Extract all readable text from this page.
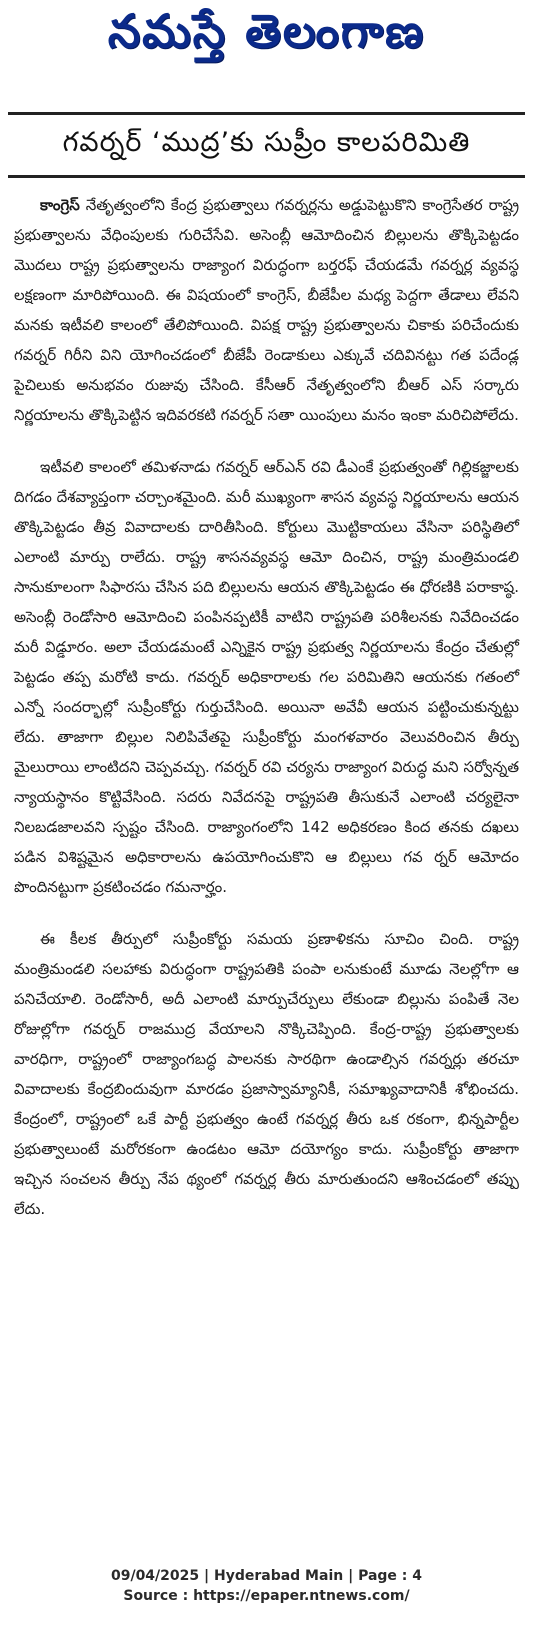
నమస్తే తెలంగాణ
గవర్నర్ ‘ముద్ర’కు సుప్రీం కాలపరిమితి

కాంగ్రెస్ నేతృత్వంలోని కేంద్ర ప్రభుత్వాలు గవర్నర్లను అడ్డుపెట్టుకొని కాంగ్రెసేతర రాష్ట్ర ప్రభుత్వాలను వేధింపులకు గురిచేసేవి. అసెంబ్లీ ఆమోదించిన బిల్లులను తొక్కిపెట్టడం మొదలు రాష్ట్ర ప్రభుత్వాలను రాజ్యాంగ విరుద్ధంగా బర్తరఫ్ చేయడమే గవర్నర్ల వ్యవస్థ లక్షణంగా మారిపోయింది. ఈ విషయంలో కాంగ్రెస్, బీజేపీల మధ్య పెద్దగా తేడాలు లేవని మనకు ఇటీవలి కాలంలో తేలిపోయింది. విపక్ష రాష్ట్ర ప్రభుత్వాలను చికాకు పరిచేందుకు గవర్నర్ గిరీని విని యోగించడంలో బీజేపీ రెండాకులు ఎక్కువే చదివినట్టు గత పదేండ్ల పైచిలుకు అనుభవం రుజువు చేసింది. కేసీఆర్ నేతృత్వంలోని బీఆర్ ఎస్ సర్కారు నిర్ణయాలను తొక్కిపెట్టిన ఇదివరకటి గవర్నర్ సతా యింపులు మనం ఇంకా మరిచిపోలేదు.

ఇటీవలి కాలంలో తమిళనాడు గవర్నర్ ఆర్ఎన్ రవి డీఎంకే ప్రభుత్వంతో గిల్లికజ్జాలకు దిగడం దేశవ్యాప్తంగా చర్చాంశమైంది. మరీ ముఖ్యంగా శాసన వ్యవస్థ నిర్ణయాలను ఆయన తొక్కిపెట్టడం తీవ్ర వివాదాలకు దారితీసింది. కోర్టులు మొట్టికాయలు వేసినా పరిస్థితిలో ఎలాంటి మార్పు రాలేదు. రాష్ట్ర శాసనవ్యవస్థ ఆమో దించిన, రాష్ట్ర మంత్రిమండలి సానుకూలంగా సిఫారసు చేసిన పది బిల్లులను ఆయన తొక్కిపెట్టడం ఈ ధోరణికి పరాకాష్ఠ. అసెంబ్లీ రెండోసారి ఆమోదించి పంపినప్పటికీ వాటిని రాష్ట్రపతి పరిశీలనకు నివేదించడం మరీ విడ్డూరం. అలా చేయడమంటే ఎన్నికైన రాష్ట్ర ప్రభుత్వ నిర్ణయాలను కేంద్రం చేతుల్లో పెట్టడం తప్ప మరోటి కాదు. గవర్నర్ అధికారాలకు గల పరిమితిని ఆయనకు గతంలో ఎన్నో సందర్భాల్లో సుప్రీంకోర్టు గుర్తుచేసింది. అయినా అవేవీ ఆయన పట్టించుకున్నట్టు లేదు. తాజాగా బిల్లుల నిలిపివేతపై సుప్రీంకోర్టు మంగళవారం వెలువరించిన తీర్పు మైలురాయి లాంటిదని చెప్పవచ్చు. గవర్నర్ రవి చర్యను రాజ్యాంగ విరుద్ధ మని సర్వోన్నత న్యాయస్థానం కొట్టివేసింది. సదరు నివేదనపై రాష్ట్రపతి తీసుకునే ఎలాంటి చర్యలైనా నిలబడజాలవని స్పష్టం చేసింది. రాజ్యాంగంలోని 142 అధికరణం కింద తనకు దఖలు పడిన విశిష్టమైన అధికారాలను ఉపయోగించుకొని ఆ బిల్లులు గవ ర్నర్ ఆమోదం పొందినట్టుగా ప్రకటించడం గమనార్హం.

ఈ కీలక తీర్పులో సుప్రీంకోర్టు సమయ ప్రణాళికను సూచిం చింది. రాష్ట్ర మంత్రిమండలి సలహాకు విరుద్ధంగా రాష్ట్రపతికి పంపా లనుకుంటే మూడు నెలల్లోగా ఆ పనిచేయాలి. రెండోసారీ, అదీ ఎలాంటి మార్పుచేర్పులు లేకుండా బిల్లును పంపితే నెల రోజుల్లోగా గవర్నర్ రాజముద్ర వేయాలని నొక్కిచెప్పింది. కేంద్ర-రాష్ట్ర ప్రభుత్వాలకు వారధిగా, రాష్ట్రంలో రాజ్యాంగబద్ధ పాలనకు సారథిగా ఉండాల్సిన గవర్నర్లు తరచూ వివాదాలకు కేంద్రబిందువుగా మారడం ప్రజాస్వామ్యానికీ, సమాఖ్యవాదానికీ శోభించదు. కేంద్రంలో, రాష్ట్రంలో ఒకే పార్టీ ప్రభుత్వం ఉంటే గవర్నర్ల తీరు ఒక రకంగా, భిన్నపార్టీల ప్రభుత్వాలుంటే మరోరకంగా ఉండటం ఆమో దయోగ్యం కాదు. సుప్రీంకోర్టు తాజాగా ఇచ్చిన సంచలన తీర్పు నేప థ్యంలో గవర్నర్ల తీరు మారుతుందని ఆశించడంలో తప్పు లేదు.

09/04/2025 | Hyderabad Main | Page : 4
Source : https://epaper.ntnews.com/
